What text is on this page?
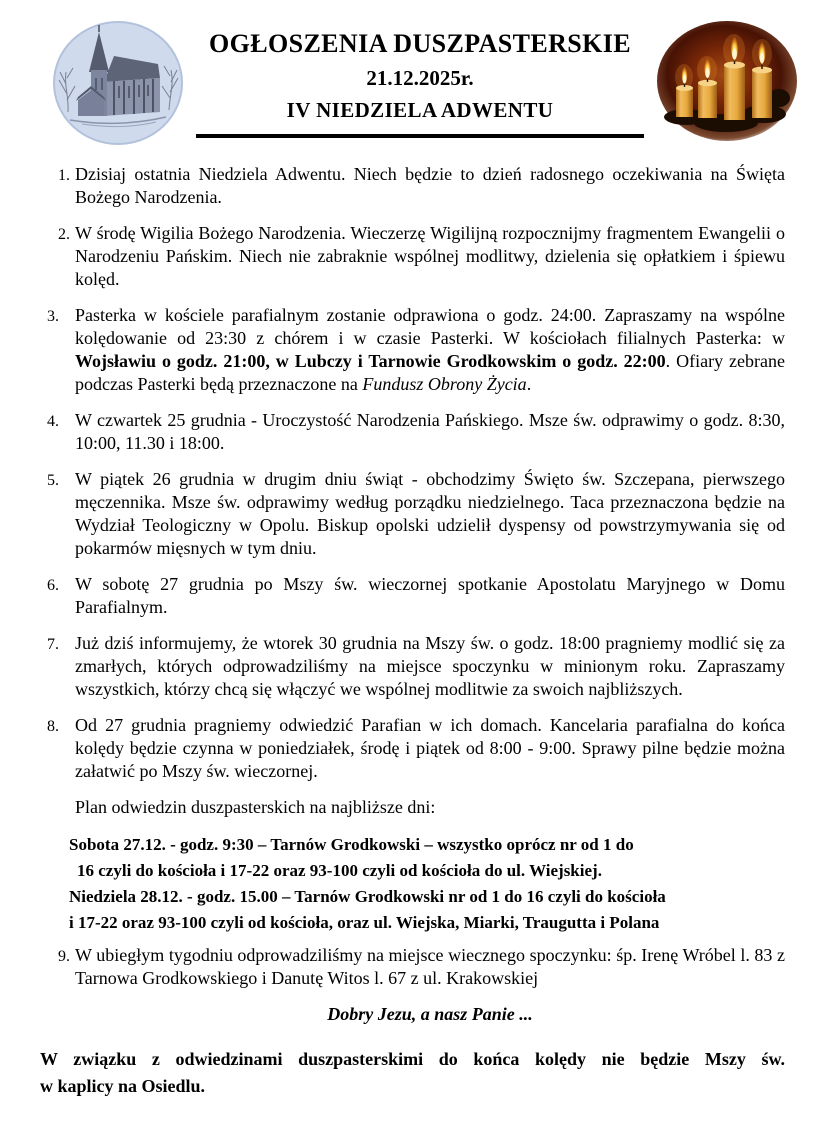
OGŁOSZENIA DUSZPASTERSKIE
21.12.2025r.
IV NIEDZIELA ADWENTU
1. Dzisiaj ostatnia Niedziela Adwentu. Niech będzie to dzień radosnego oczekiwania na Święta Bożego Narodzenia.
2. W środę Wigilia Bożego Narodzenia. Wieczerzę Wigilijną rozpocznijmy fragmentem Ewangelii o Narodzeniu Pańskim. Niech nie zabraknie wspólnej modlitwy, dzielenia się opłatkiem i śpiewu kolęd.
3. Pasterka w kościele parafialnym zostanie odprawiona o godz. 24:00. Zapraszamy na wspólne kolędowanie od 23:30 z chórem i w czasie Pasterki. W kościołach filialnych Pasterka: w Wojsławiu o godz. 21:00, w Lubczy i Tarnowie Grodkowskim o godz. 22:00. Ofiary zebrane podczas Pasterki będą przeznaczone na Fundusz Obrony Życia.
4. W czwartek 25 grudnia - Uroczystość Narodzenia Pańskiego. Msze św. odprawimy o godz. 8:30, 10:00, 11.30 i 18:00.
5. W piątek 26 grudnia w drugim dniu świąt - obchodzimy Święto św. Szczepana, pierwszego męczennika. Msze św. odprawimy według porządku niedzielnego. Taca przeznaczona będzie na Wydział Teologiczny w Opolu. Biskup opolski udzielił dyspensy od powstrzymywania się od pokarmów mięsnych w tym dniu.
6. W sobotę 27 grudnia po Mszy św. wieczornej spotkanie Apostolatu Maryjnego w Domu Parafialnym.
7. Już dziś informujemy, że wtorek 30 grudnia na Mszy św. o godz. 18:00 pragniemy modlić się za zmarłych, których odprowadziliśmy na miejsce spoczynku w minionym roku. Zapraszamy wszystkich, którzy chcą się włączyć we wspólnej modlitwie za swoich najbliższych.
8. Od 27 grudnia pragniemy odwiedzić Parafian w ich domach. Kancelaria parafialna do końca kolędy będzie czynna w poniedziałek, środę i piątek od 8:00 - 9:00. Sprawy pilne będzie można załatwić po Mszy św. wieczornej.
Plan odwiedzin duszpasterskich na najbliższe dni:
Sobota 27.12. - godz. 9:30 – Tarnów Grodkowski – wszystko oprócz nr od 1 do
16 czyli do kościoła i 17-22 oraz 93-100 czyli od kościoła do ul. Wiejskiej.
Niedziela 28.12. - godz. 15.00 – Tarnów Grodkowski nr od 1 do 16 czyli do kościoła
i 17-22 oraz 93-100 czyli od kościoła, oraz ul. Wiejska, Miarki, Traugutta i Polana
9. W ubiegłym tygodniu odprowadziliśmy na miejsce wiecznego spoczynku: śp. Irenę Wróbel l. 83 z Tarnowa Grodkowskiego i Danutę Witos l. 67 z ul. Krakowskiej
Dobry Jezu, a nasz Panie ...
W związku z odwiedzinami duszpasterskimi do końca kolędy nie będzie Mszy św.
w kaplicy na Osiedlu.
